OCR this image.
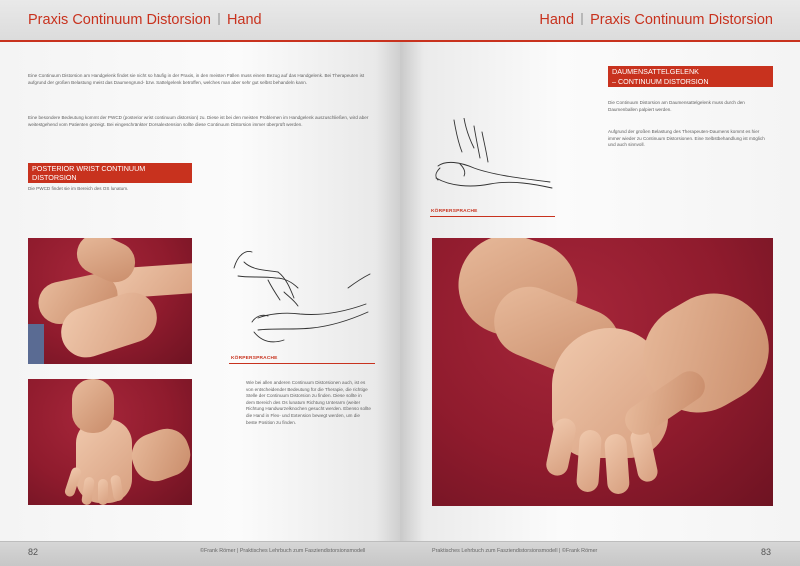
Praxis Continuum Distorsion Hand
Eine Continuum Distorsion am Handgelenk findet sie nicht so häufig in der Praxis, in den meisten Fällen muss einem Bezug auf das Handgelenk. Bei Therapeuten ist aufgrund der großen Belastung meist das Daumengrund- bzw. Sattelgelenk betroffen, welches man aber sehr gut selbst behandeln kann.
Eine besondere Bedeutung kommt der PWCD (posterior wrist continuum distorsion) zu. Diese ist bei den meisten Problemen im Handgelenk auszuschließen, wird aber weitestgehend vom Patienten gezeigt. Bei eingeschränkter Dorsalextension sollte diese Continuum Distorsion immer überprüft werden.
POSTERIOR WRIST CONTINUUM DISTORSION
Die PWCD findet sie im Bereich des OS lunatum.
KÖRPERSPRACHE
Wie bei allen anderen Continuum Distorsionen auch, ist es von entscheidender Bedeutung für die Therapie, die richtige Stelle der Continuum Distorsion zu finden. Diese sollte in dem Bereich des Os lunatum Richtung Unterarm (weiter Richtung Handwurzelknochen gesucht werden. Ebenso sollte die Hand in Flex- und Extension bewegt werden, um die beste Position zu finden.
82	©Frank Römer | Praktisches Lehrbuch zum Fasziendistorsionsmodell
Hand Praxis Continuum Distorsion
KÖRPERSPRACHE
DAUMENSATTELGELENK
– CONTINUUM DISTORSION
Die Continuum Distorsion am Daumensattelgelenk muss durch den Daumenballen palpiert werden.
Aufgrund der großen Belastung des Therapeuten-Daumens kommt es hier immer wieder zu Continuum Distorsionen. Eine Selbstbehandlung ist möglich und auch sinnvoll.
Praktisches Lehrbuch zum Fasziendistorsionsmodell | ©Frank Römer	83
